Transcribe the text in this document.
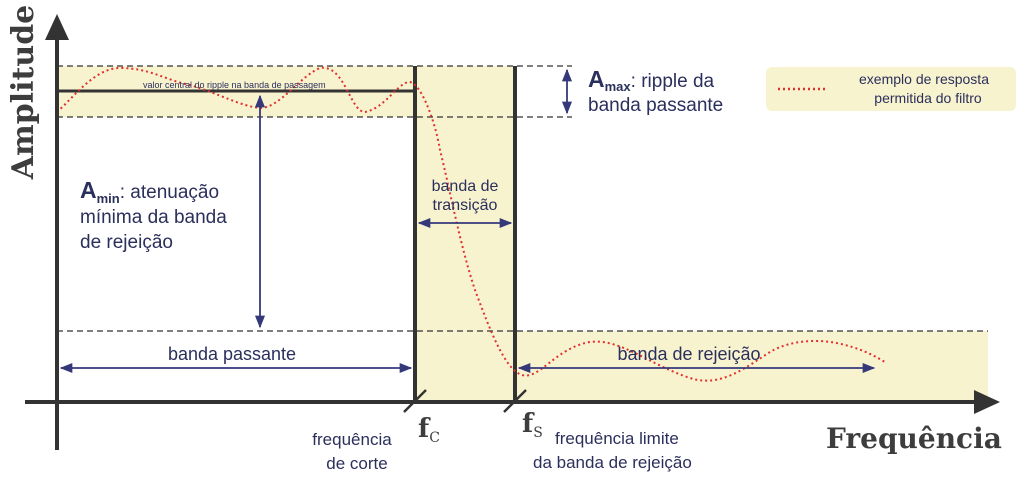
Amplitude
Frequência
valor central do ripple na banda de passagem	$A_{max}$: ripple da
banda passante
$A_{min}$: atenuação
mínima da banda
de rejeição
banda de
transição
banda passante	banda de rejeição
fC	fS
frequência
de corte
frequência limite
da banda de rejeição
exemplo de resposta
permitida do filtro
